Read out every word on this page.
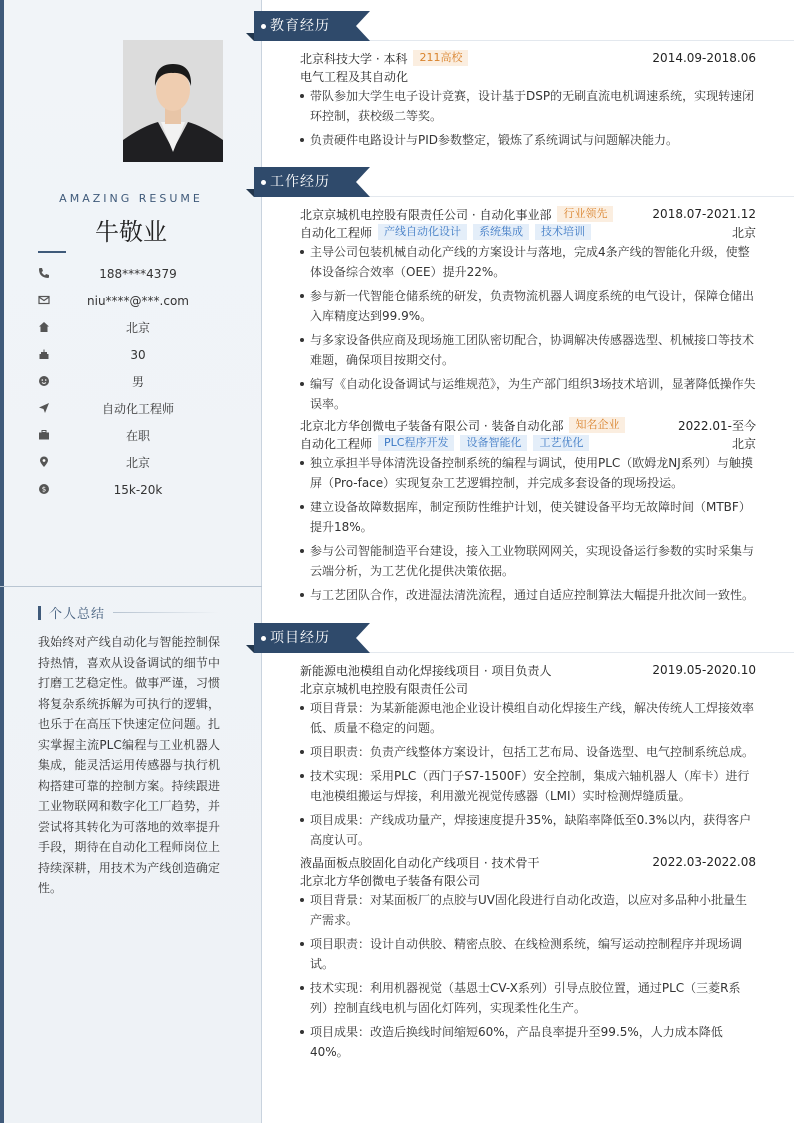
AMAZING RESUME
牛敬业
188****4379
niu****@***.com
北京
30
男
自动化工程师
在职
北京
$	15k-20k
个人总结
我始终对产线自动化与智能控制保持热情，喜欢从设备调试的细节中打磨工艺稳定性。做事严谨，习惯将复杂系统拆解为可执行的逻辑，也乐于在高压下快速定位问题。扎实掌握主流PLC编程与工业机器人集成，能灵活运用传感器与执行机构搭建可靠的控制方案。持续跟进工业物联网和数字化工厂趋势，并尝试将其转化为可落地的效率提升手段，期待在自动化工程师岗位上持续深耕，用技术为产线创造确定性。
教育经历
北京科技大学 · 本科	211高校	2014.09-2018.06
电气工程及其自动化
带队参加大学生电子设计竞赛，设计基于DSP的无刷直流电机调速系统，实现转速闭环控制，获校级二等奖。
负责硬件电路设计与PID参数整定，锻炼了系统调试与问题解决能力。
工作经历
北京京城机电控股有限责任公司 · 自动化事业部	行业领先	2018.07-2021.12
自动化工程师	产线自动化设计	系统集成	技术培训	北京
主导公司包装机械自动化产线的方案设计与落地，完成4条产线的智能化升级，使整体设备综合效率（OEE）提升22%。
参与新一代智能仓储系统的研发，负责物流机器人调度系统的电气设计，保障仓储出入库精度达到99.9%。
与多家设备供应商及现场施工团队密切配合，协调解决传感器选型、机械接口等技术难题，确保项目按期交付。
编写《自动化设备调试与运维规范》，为生产部门组织3场技术培训，显著降低操作失误率。
北京北方华创微电子装备有限公司 · 装备自动化部	知名企业	2022.01-至今
自动化工程师	PLC程序开发	设备智能化	工艺优化	北京
独立承担半导体清洗设备控制系统的编程与调试，使用PLC（欧姆龙NJ系列）与触摸屏（Pro-face）实现复杂工艺逻辑控制，并完成多套设备的现场投运。
建立设备故障数据库，制定预防性维护计划，使关键设备平均无故障时间（MTBF）提升18%。
参与公司智能制造平台建设，接入工业物联网网关，实现设备运行参数的实时采集与云端分析，为工艺优化提供决策依据。
与工艺团队合作，改进湿法清洗流程，通过自适应控制算法大幅提升批次间一致性。
项目经历
新能源电池模组自动化焊接线项目 · 项目负责人	2019.05-2020.10
北京京城机电控股有限责任公司
项目背景：为某新能源电池企业设计模组自动化焊接生产线，解决传统人工焊接效率低、质量不稳定的问题。
项目职责：负责产线整体方案设计，包括工艺布局、设备选型、电气控制系统总成。
技术实现：采用PLC（西门子S7-1500F）安全控制，集成六轴机器人（库卡）进行电池模组搬运与焊接，利用激光视觉传感器（LMI）实时检测焊缝质量。
项目成果：产线成功量产，焊接速度提升35%，缺陷率降低至0.3%以内，获得客户高度认可。
液晶面板点胶固化自动化产线项目 · 技术骨干	2022.03-2022.08
北京北方华创微电子装备有限公司
项目背景：对某面板厂的点胶与UV固化段进行自动化改造，以应对多品种小批量生产需求。
项目职责：设计自动供胶、精密点胶、在线检测系统，编写运动控制程序并现场调试。
技术实现：利用机器视觉（基恩士CV-X系列）引导点胶位置，通过PLC（三菱R系列）控制直线电机与固化灯阵列，实现柔性化生产。
项目成果：改造后换线时间缩短60%，产品良率提升至99.5%，人力成本降低40%。
